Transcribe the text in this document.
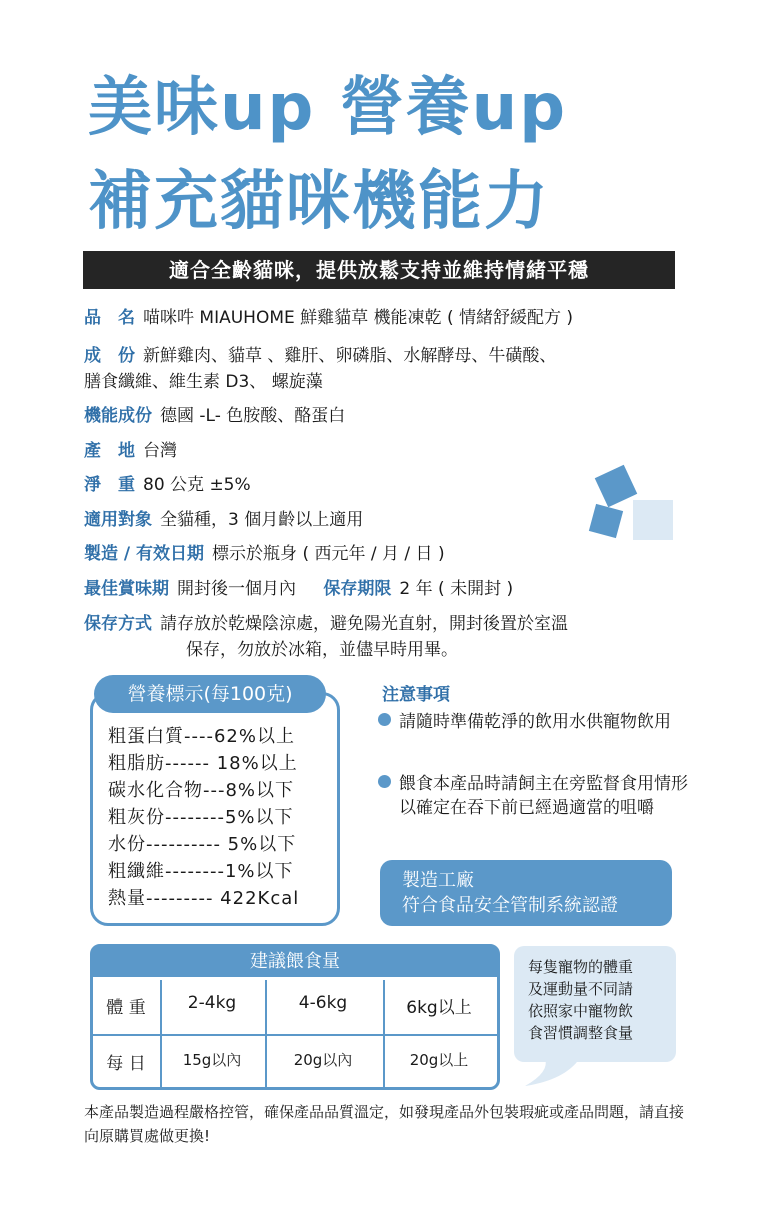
美味up 營養up
補充貓咪機能力
適合全齡貓咪，提供放鬆支持並維持情緒平穩
品　名 喵咪吽 MIAUHOME 鮮雞貓草 機能凍乾 ( 情緒舒緩配方 )
成　份 新鮮雞肉、貓草 、雞肝、卵磷脂、水解酵母、牛磺酸、
膳食纖維、維生素 D3、 螺旋藻
機能成份 德國 -L- 色胺酸、酪蛋白
產　地 台灣
淨　重 80 公克 ±5%
適用對象 全貓種，3 個月齡以上適用
製造 / 有效日期 標示於瓶身 ( 西元年 / 月 / 日 )
最佳賞味期 開封後一個月內 保存期限 2 年 ( 未開封 )
保存方式 請存放於乾燥陰涼處，避免陽光直射，開封後置於室溫
保存，勿放於冰箱，並儘早時用畢。
營養標示(每100克)
粗蛋白質----62%以上
粗脂肪------ 18%以上
碳水化合物---8%以下
粗灰份--------5%以下
水份---------- 5%以下
粗纖維--------1%以下
熱量--------- 422Kcal
注意事項
請隨時準備乾淨的飲用水供寵物飲用
餵食本產品時請飼主在旁監督食用情形以確定在吞下前已經過適當的咀嚼
製造工廠
符合食品安全管制系統認證
建議餵食量
體 重	2-4kg	4-6kg	6kg以上
每 日	15g以內	20g以內	20g以上
每隻寵物的體重
及運動量不同請
依照家中寵物飲
食習慣調整食量
本產品製造過程嚴格控管，確保產品品質溫定，如發現產品外包裝瑕疵或產品問題，請直接向原購買處做更換!
